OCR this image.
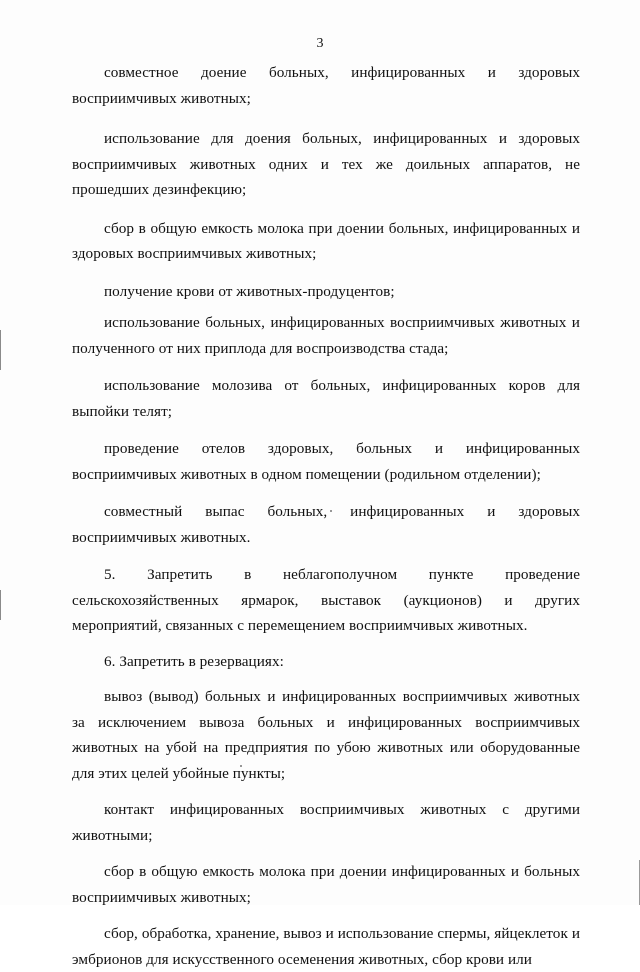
3

совместное доение больных, инфицированных и здоровых восприимчивых животных;

использование для доения больных, инфицированных и здоровых восприимчивых животных одних и тех же доильных аппаратов, не прошедших дезинфекцию;

сбор в общую емкость молока при доении больных, инфицированных и здоровых восприимчивых животных;

получение крови от животных-продуцентов;

использование больных, инфицированных восприимчивых животных и полученного от них приплода для воспроизводства стада;

использование молозива от больных, инфицированных коров для выпойки телят;

проведение отелов здоровых, больных и инфицированных восприимчивых животных в одном помещении (родильном отделении);

совместный выпас больных, инфицированных и здоровых восприимчивых животных.

5. Запретить в неблагополучном пункте проведение сельскохозяйственных ярмарок, выставок (аукционов) и других мероприятий, связанных с перемещением восприимчивых животных.

6. Запретить в резервациях:

вывоз (вывод) больных и инфицированных восприимчивых животных за исключением вывоза больных и инфицированных восприимчивых животных на убой на предприятия по убою животных или оборудованные для этих целей убойные пункты;

контакт инфицированных восприимчивых животных с другими животными;

сбор в общую емкость молока при доении инфицированных и больных восприимчивых животных;

сбор, обработка, хранение, вывоз и использование спермы, яйцеклеток и эмбрионов для искусственного осеменения животных, сбор крови или
